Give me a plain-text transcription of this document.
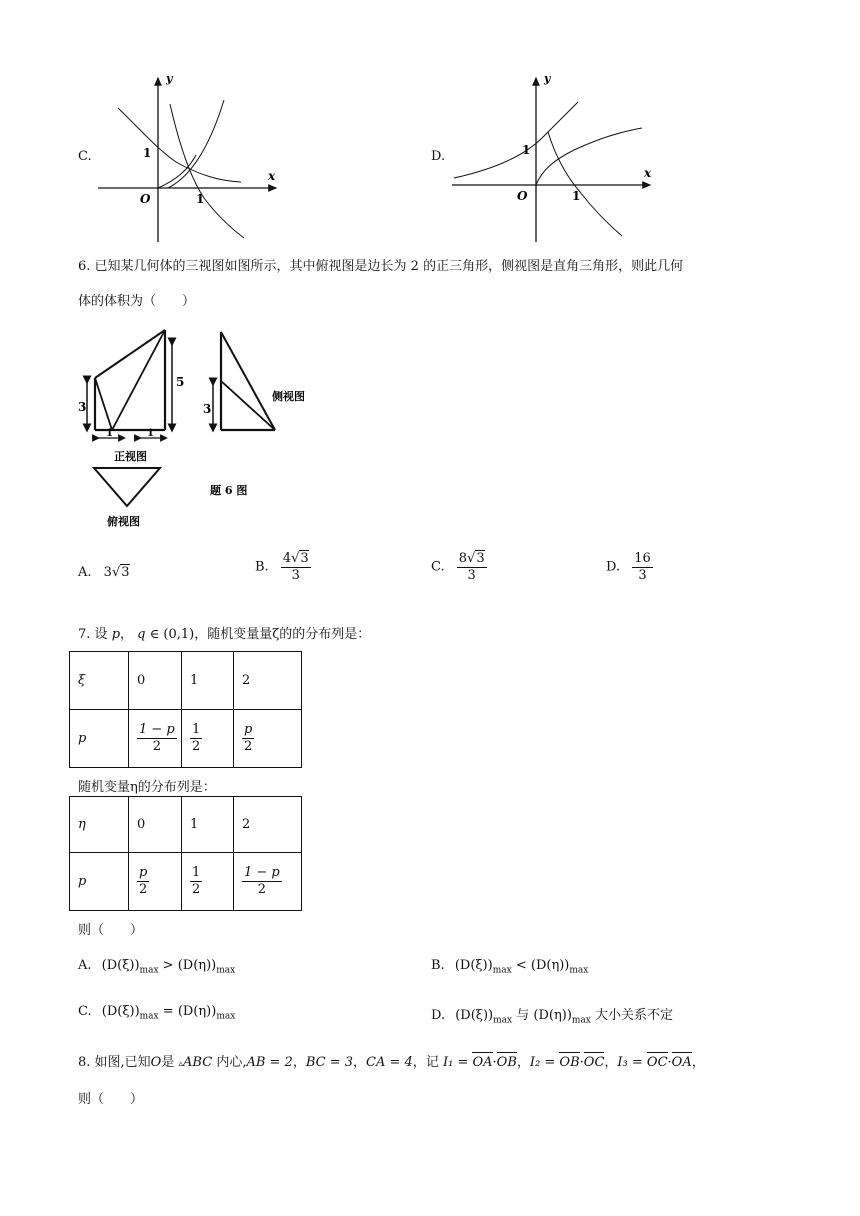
C.
y
x
1
O	1
D.
y
x
1
O	1
6. 已知某几何体的三视图如图所示，其中俯视图是边长为 2 的正三角形，侧视图是直角三角形，则此几何
体的体积为（　　）
3
5
1	1
正视图
3
侧视图
俯视图
题 6 图
A. 3√3	B. $\frac{4√3}{3}$	C. $\frac{8√3}{3}$	D. $\frac{16}{3}$
7. 设 p， q ∈ (0,1)，随机变量量ζ的的分布列是：
ξ	0	1	2
p	$\frac{1 - p}{2}$	$\frac{1}{2}$	$\frac{p}{2}$
随机变量η的分布列是：
η	0	1	2
p	$\frac{p}{2}$	$\frac{1}{2}$	$\frac{1 - p}{2}$
则（　　）
A. $(D(\xi))_{max} > (D(\eta))_{max}$	B. $(D(\xi))_{max} < (D(\eta))_{max}$
C. $(D(\xi))_{max} = (D(\eta))_{max}$	D. $(D(\xi))_{max}$ 与 $(D(\eta))_{max}$ 大小关系不定
8. 如图,已知O是 ▵ABC 内心,AB = 2，BC = 3，CA = 4，记 I₁ = OA·OB，I₂ = OB·OC，I₃ = OC·OA，
则（　　）
